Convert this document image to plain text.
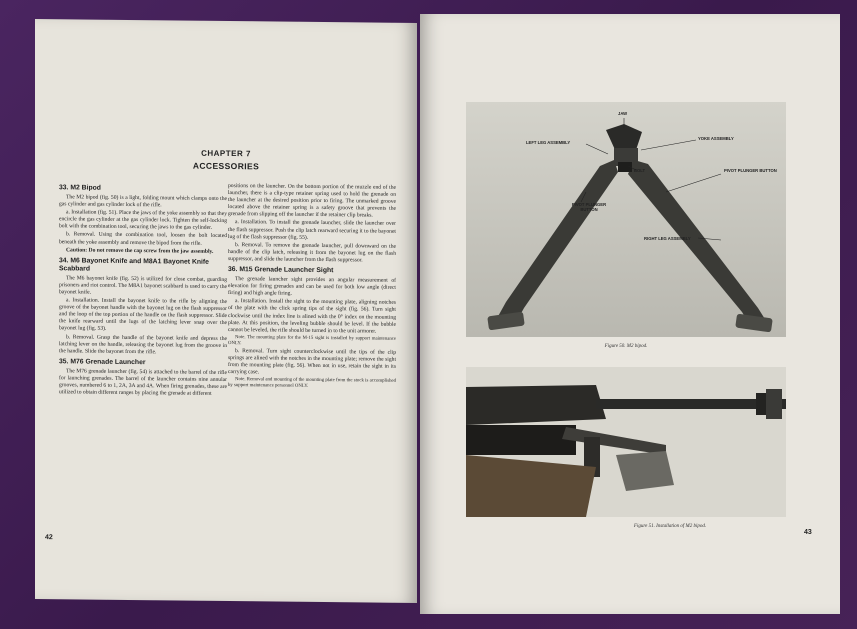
CHAPTER 7
ACCESSORIES
33. M2 Bipod

The M2 bipod (fig. 50) is a light, folding mount which clamps onto the gas cylinder and gas cylinder lock of the rifle.

a. Installation (fig. 51). Place the jaws of the yoke assembly so that they encircle the gas cylinder at the gas cylinder lock. Tighten the self-locking bolt with the combination tool, securing the jaws to the gas cylinder.

b. Removal. Using the combination tool, loosen the bolt located beneath the yoke assembly and remove the bipod from the rifle.

Caution: Do not remove the cap screw from the jaw assembly.

34. M6 Bayonet Knife and M8A1 Bayonet Knife Scabbard

The M6 bayonet knife (fig. 52) is utilized for close combat, guarding prisoners and riot control. The M8A1 bayonet scabbard is used to carry the bayonet knife.

a. Installation. Install the bayonet knife to the rifle by aligning the groove of the bayonet handle with the bayonet lug on the flash suppressor and the loop of the top portion of the handle on the flash suppressor. Slide the knife rearward until the lugs of the latching lever snap over the bayonet lug (fig. 53).

b. Removal. Grasp the handle of the bayonet knife and depress the latching lever on the handle, releasing the bayonet lug from the groove in the handle. Slide the bayonet from the rifle.

35. M76 Grenade Launcher

The M76 grenade launcher (fig. 54) is attached to the barrel of the rifle for launching grenades. The barrel of the launcher contains nine annular grooves, numbered 6 to 1, 2A, 3A and 4A. When firing grenades, these are utilized to obtain different ranges by placing the grenade at different

positions on the launcher. On the bottom portion of the muzzle end of the launcher, there is a clip-type retainer spring used to hold the grenade on the launcher at the desired position prior to firing. The unmarked groove located above the retainer spring is a safety groove that prevents the grenade from slipping off the launcher if the retainer clip breaks.

a. Installation. To install the grenade launcher, slide the launcher over the flash suppressor. Push the clip latch rearward securing it to the bayonet lug of the flash suppressor (fig. 55).

b. Removal. To remove the grenade launcher, pull downward on the handle of the clip latch, releasing it from the bayonet lug on the flash suppressor, and slide the launcher from the flash suppressor.

36. M15 Grenade Launcher Sight

The grenade launcher sight provides an angular measurement of elevation for firing grenades and can be used for both low angle (direct firing) and high angle firing.

a. Installation. Install the sight to the mounting plate, aligning notches of the plate with the click spring tips of the sight (fig. 56). Turn sight clockwise until the index line is alined with the 0° index on the mounting plate. At this position, the leveling bubble should be level. If the bubble cannot be leveled, the rifle should be turned in to the unit armorer.

Note. The mounting plate for the M-15 sight is installed by support maintenance ONLY.

b. Removal. Turn sight counterclockwise until the tips of the clip springs are alined with the notches in the mounting plate; remove the sight from the mounting plate (fig. 56). When not in use, retain the sight in its carrying case.

Note. Removal and mounting of the mounting plate from the stock is accomplished by support maintenance personnel ONLY.

42
JAW
LEFT LEG ASSEMBLY
YOKE ASSEMBLY
BOLT	PIVOT PLUNGER BUTTON
PIVOT PLUNGER BUTTON
RIGHT LEG ASSEMBLY
Figure 50. M2 bipod.
Figure 51. Installation of M2 bipod.
43
